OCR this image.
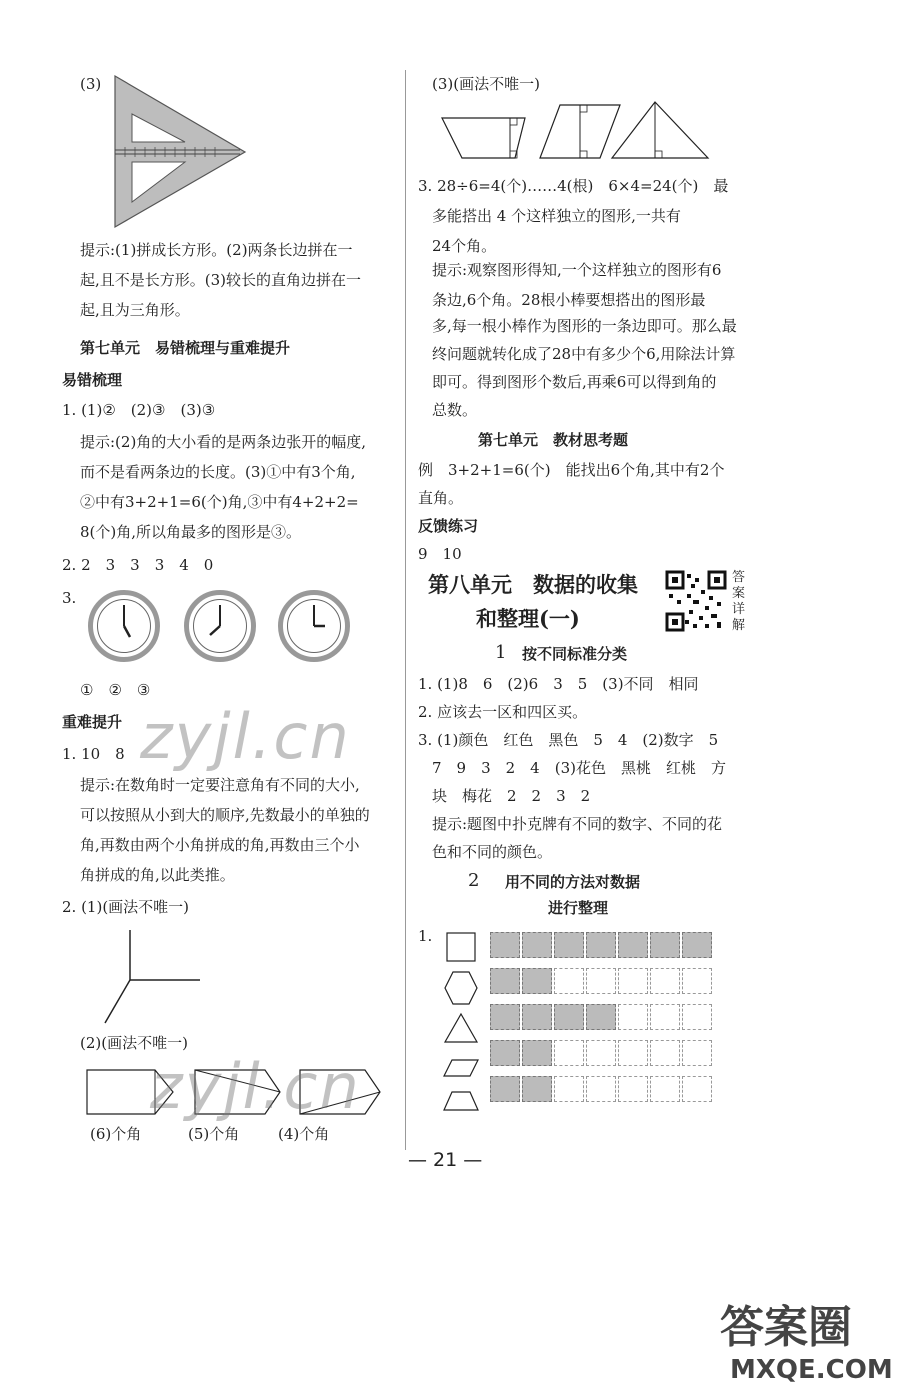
(3)
提示:(1)拼成长方形。(2)两条长边拼在一
起,且不是长方形。(3)较长的直角边拼在一
起,且为三角形。
第七单元　易错梳理与重难提升
易错梳理
1. (1)②　(2)③　(3)③
提示:(2)角的大小看的是两条边张开的幅度,
而不是看两条边的长度。(3)①中有3个角,
②中有3+2+1=6(个)角,③中有4+2+2=
8(个)角,所以角最多的图形是③。
2. 2　3　3　3　4　0
3.
①　②　③
重难提升
1. 10　8
提示:在数角时一定要注意角有不同的大小,
可以按照从小到大的顺序,先数最小的单独的
角,再数由两个小角拼成的角,再数由三个小
角拼成的角,以此类推。
2. (1)(画法不唯一)
(2)(画法不唯一)
(6)个角	(5)个角	(4)个角
(3)(画法不唯一)
3. 28÷6=4(个)……4(根)　6×4=24(个)　最
多能搭出 4 个这样独立的图形,一共有
24个角。
提示:观察图形得知,一个这样独立的图形有6
条边,6个角。28根小棒要想搭出的图形最
多,每一根小棒作为图形的一条边即可。那么最
终问题就转化成了28中有多少个6,用除法计算
即可。得到图形个数后,再乘6可以得到角的
总数。
第七单元　教材思考题
例　3+2+1=6(个)　能找出6个角,其中有2个
直角。
反馈练习
9　10
第八单元　数据的收集
和整理(一)
答案详解
1 按不同标准分类
1. (1)8　6　(2)6　3　5　(3)不同　相同
2. 应该去一区和四区买。
3. (1)颜色　红色　黑色　5　4　(2)数字　5
7　9　3　2　4　(3)花色　黑桃　红桃　方
块　梅花　2　2　3　2
提示:题图中扑克牌有不同的数字、不同的花
色和不同的颜色。
2 用不同的方法对数据
进行整理
1.
— 21 —
zyjl.cn
zyjl.cn
答案圈
MXQE.COM
